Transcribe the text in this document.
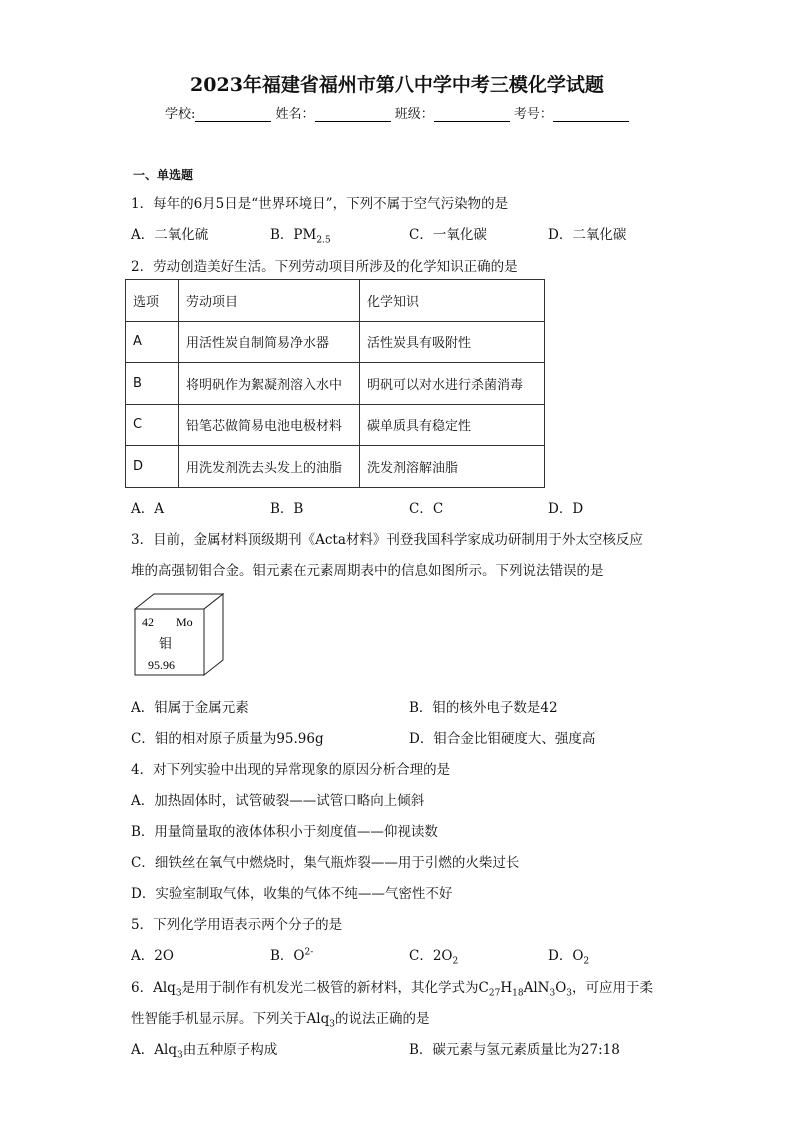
2023年福建省福州市第八中学中考三模化学试题
学校:	姓名：	班级：	考号：
一、单选题
1．每年的6月5日是“世界环境日”，下列不属于空气污染物的是
A．二氧化硫	B．$PM_{2.5}$	C．一氧化碳	D．二氧化碳
2．劳动创造美好生活。下列劳动项目所涉及的化学知识正确的是
选项	劳动项目	化学知识
A	用活性炭自制简易净水器	活性炭具有吸附性
B	将明矾作为絮凝剂溶入水中	明矾可以对水进行杀菌消毒
C	铅笔芯做简易电池电极材料	碳单质具有稳定性
D	用洗发剂洗去头发上的油脂	洗发剂溶解油脂
A．A	B．B	C．C	D．D
3．目前，金属材料顶级期刊《Acta材料》刊登我国科学家成功研制用于外太空核反应
堆的高强韧钼合金。钼元素在元素周期表中的信息如图所示。下列说法错误的是
42 Mo
钼
95.96
A．钼属于金属元素	B．钼的核外电子数是42
C．钼的相对原子质量为95.96g	D．钼合金比钼硬度大、强度高
4．对下列实验中出现的异常现象的原因分析合理的是
A．加热固体时，试管破裂——试管口略向上倾斜
B．用量筒量取的液体体积小于刻度值——仰视读数
C．细铁丝在氧气中燃烧时，集气瓶炸裂——用于引燃的火柴过长
D．实验室制取气体，收集的气体不纯——气密性不好
5．下列化学用语表示两个分子的是
A．2O	B．$O^{2-}$	C．$2O_2$	D．$O_2$
6．Alq$_3$是用于制作有机发光二极管的新材料，其化学式为$C_{27}H_{18}AlN_3O_3$，可应用于柔
性智能手机显示屏。下列关于Alq$_3$的说法正确的是
A．Alq$_3$由五种原子构成	B．碳元素与氢元素质量比为27:18
